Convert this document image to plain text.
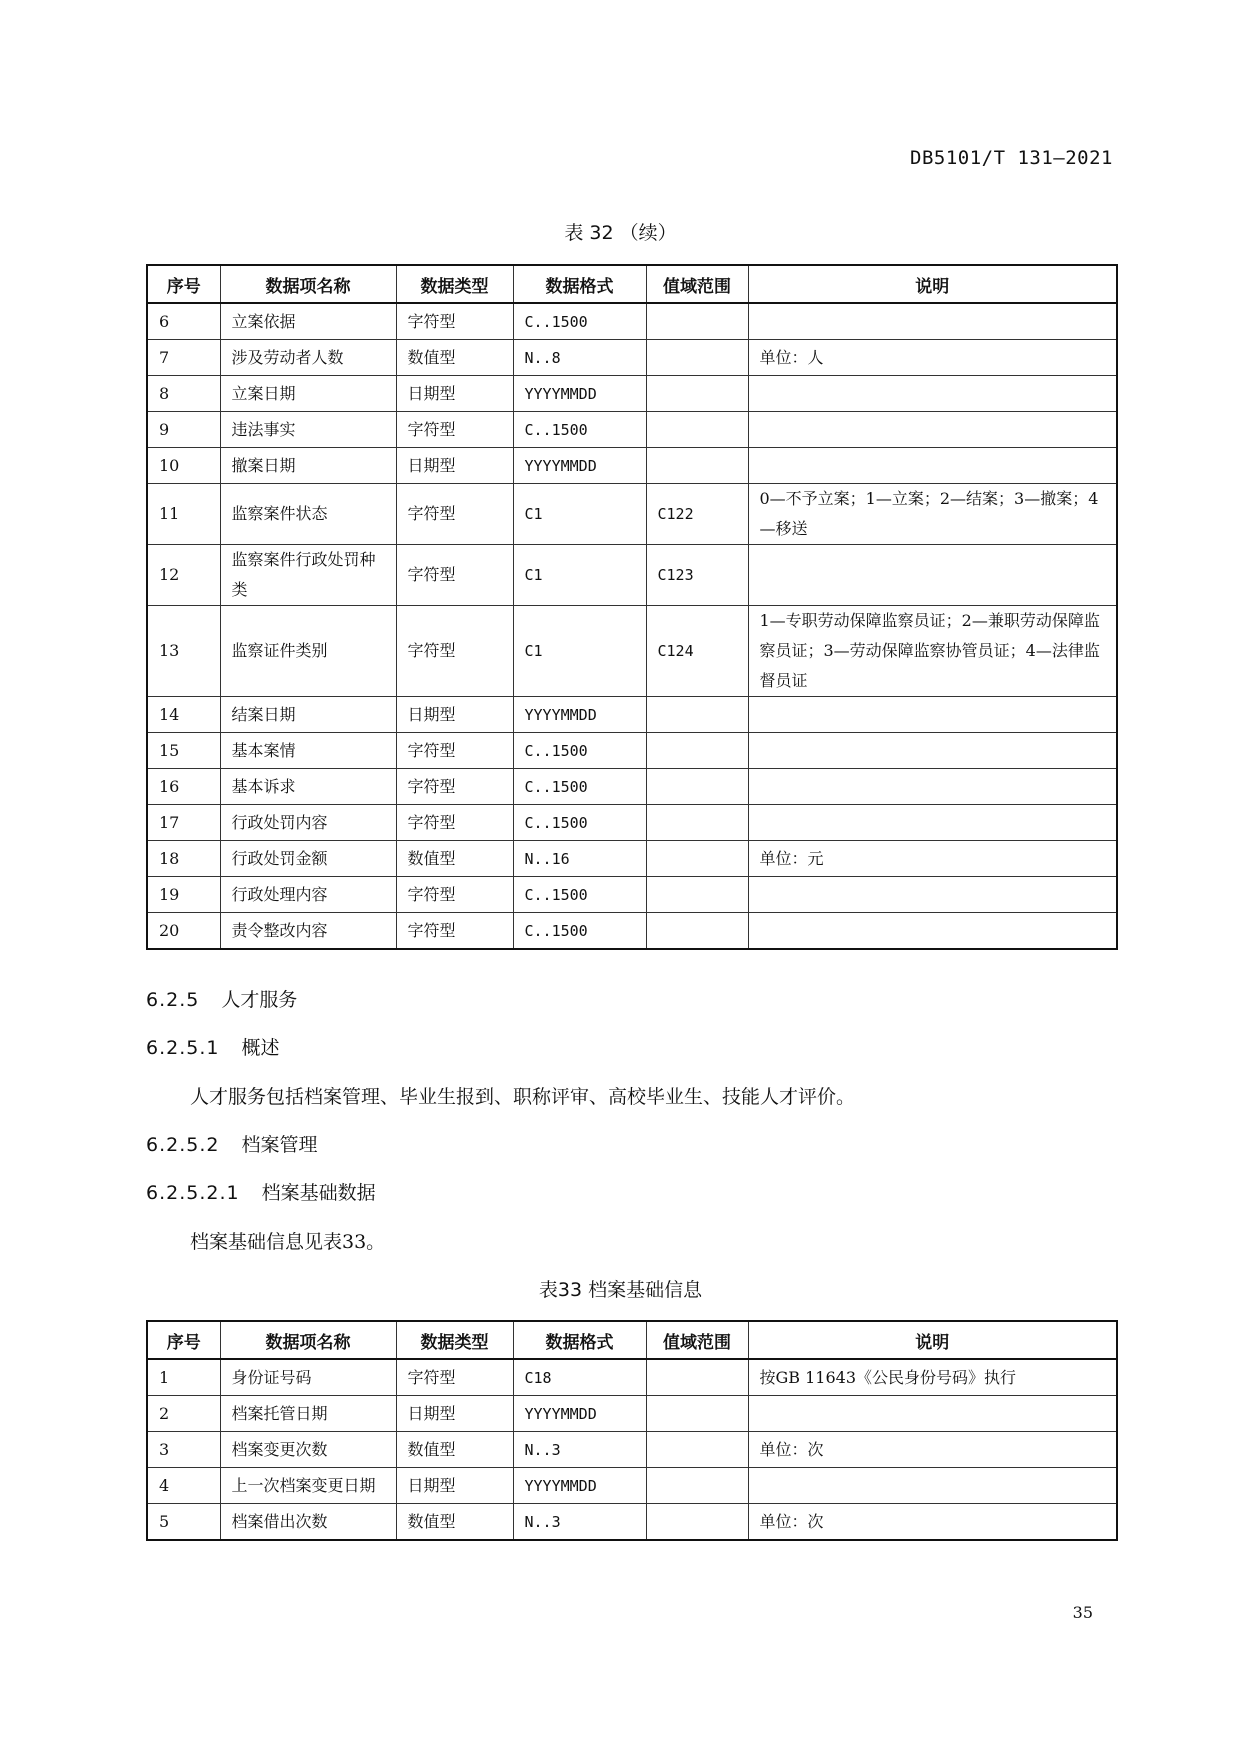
DB5101/T 131—2021
表 32 （续）
序号	数据项名称	数据类型	数据格式	值域范围	说明
6	立案依据	字符型	C..1500		
7	涉及劳动者人数	数值型	N..8		单位：人
8	立案日期	日期型	YYYYMMDD		
9	违法事实	字符型	C..1500		
10	撤案日期	日期型	YYYYMMDD		
11	监察案件状态	字符型	C1	C122	0—不予立案；1—立案；2—结案；3—撤案；4—移送
12	监察案件行政处罚种类	字符型	C1	C123	
13	监察证件类别	字符型	C1	C124	1—专职劳动保障监察员证；2—兼职劳动保障监察员证；3—劳动保障监察协管员证；4—法律监督员证
14	结案日期	日期型	YYYYMMDD		
15	基本案情	字符型	C..1500		
16	基本诉求	字符型	C..1500		
17	行政处罚内容	字符型	C..1500		
18	行政处罚金额	数值型	N..16		单位：元
19	行政处理内容	字符型	C..1500		
20	责令整改内容	字符型	C..1500		
6.2.5 人才服务
6.2.5.1 概述
人才服务包括档案管理、毕业生报到、职称评审、高校毕业生、技能人才评价。
6.2.5.2 档案管理
6.2.5.2.1 档案基础数据
档案基础信息见表33。
表33 档案基础信息
序号	数据项名称	数据类型	数据格式	值域范围	说明
1	身份证号码	字符型	C18		按GB 11643《公民身份号码》执行
2	档案托管日期	日期型	YYYYMMDD		
3	档案变更次数	数值型	N..3		单位：次
4	上一次档案变更日期	日期型	YYYYMMDD		
5	档案借出次数	数值型	N..3		单位：次
35
